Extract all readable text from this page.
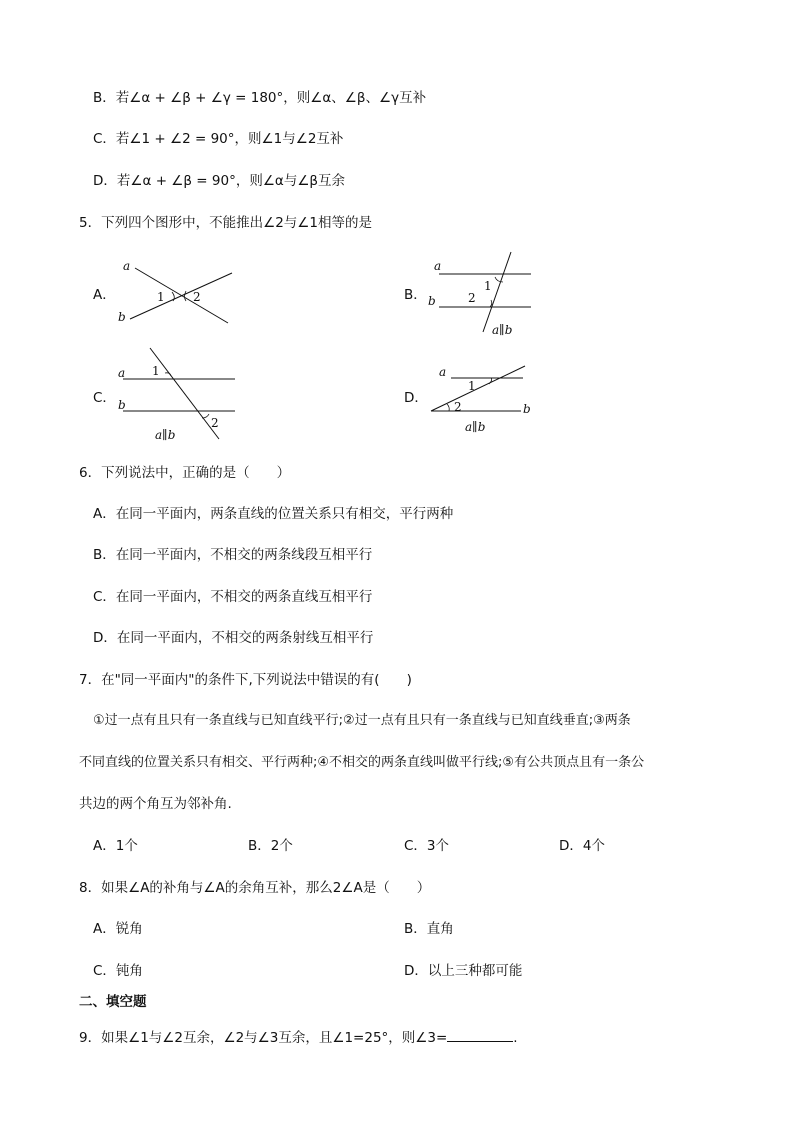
B．若∠α + ∠β + ∠γ = 180°，则∠α、∠β、∠γ互补
C．若∠1 + ∠2 = 90°，则∠1与∠2互补
D．若∠α + ∠β = 90°，则∠α与∠β互余
5．下列四个图形中，不能推出∠2与∠1相等的是
A．
a
b
1 2	B．
a
b
1
2
a∥b
C．
a
b
1
2
a∥b
D．
a
b
1
2
a∥b
6．下列说法中，正确的是（　　）
A．在同一平面内，两条直线的位置关系只有相交，平行两种
B．在同一平面内，不相交的两条线段互相平行
C．在同一平面内，不相交的两条直线互相平行
D．在同一平面内，不相交的两条射线互相平行
7．在"同一平面内"的条件下,下列说法中错误的有(　　)
①过一点有且只有一条直线与已知直线平行;②过一点有且只有一条直线与已知直线垂直;③两条
不同直线的位置关系只有相交、平行两种;④不相交的两条直线叫做平行线;⑤有公共顶点且有一条公
共边的两个角互为邻补角.
A．1个	B．2个	C．3个	D．4个
8．如果∠A的补角与∠A的余角互补，那么2∠A是（　　）
A．锐角	B．直角
C．钝角	D．以上三种都可能
二、填空题
9．如果∠1与∠2互余，∠2与∠3互余，且∠1=25°，则∠3=	.
